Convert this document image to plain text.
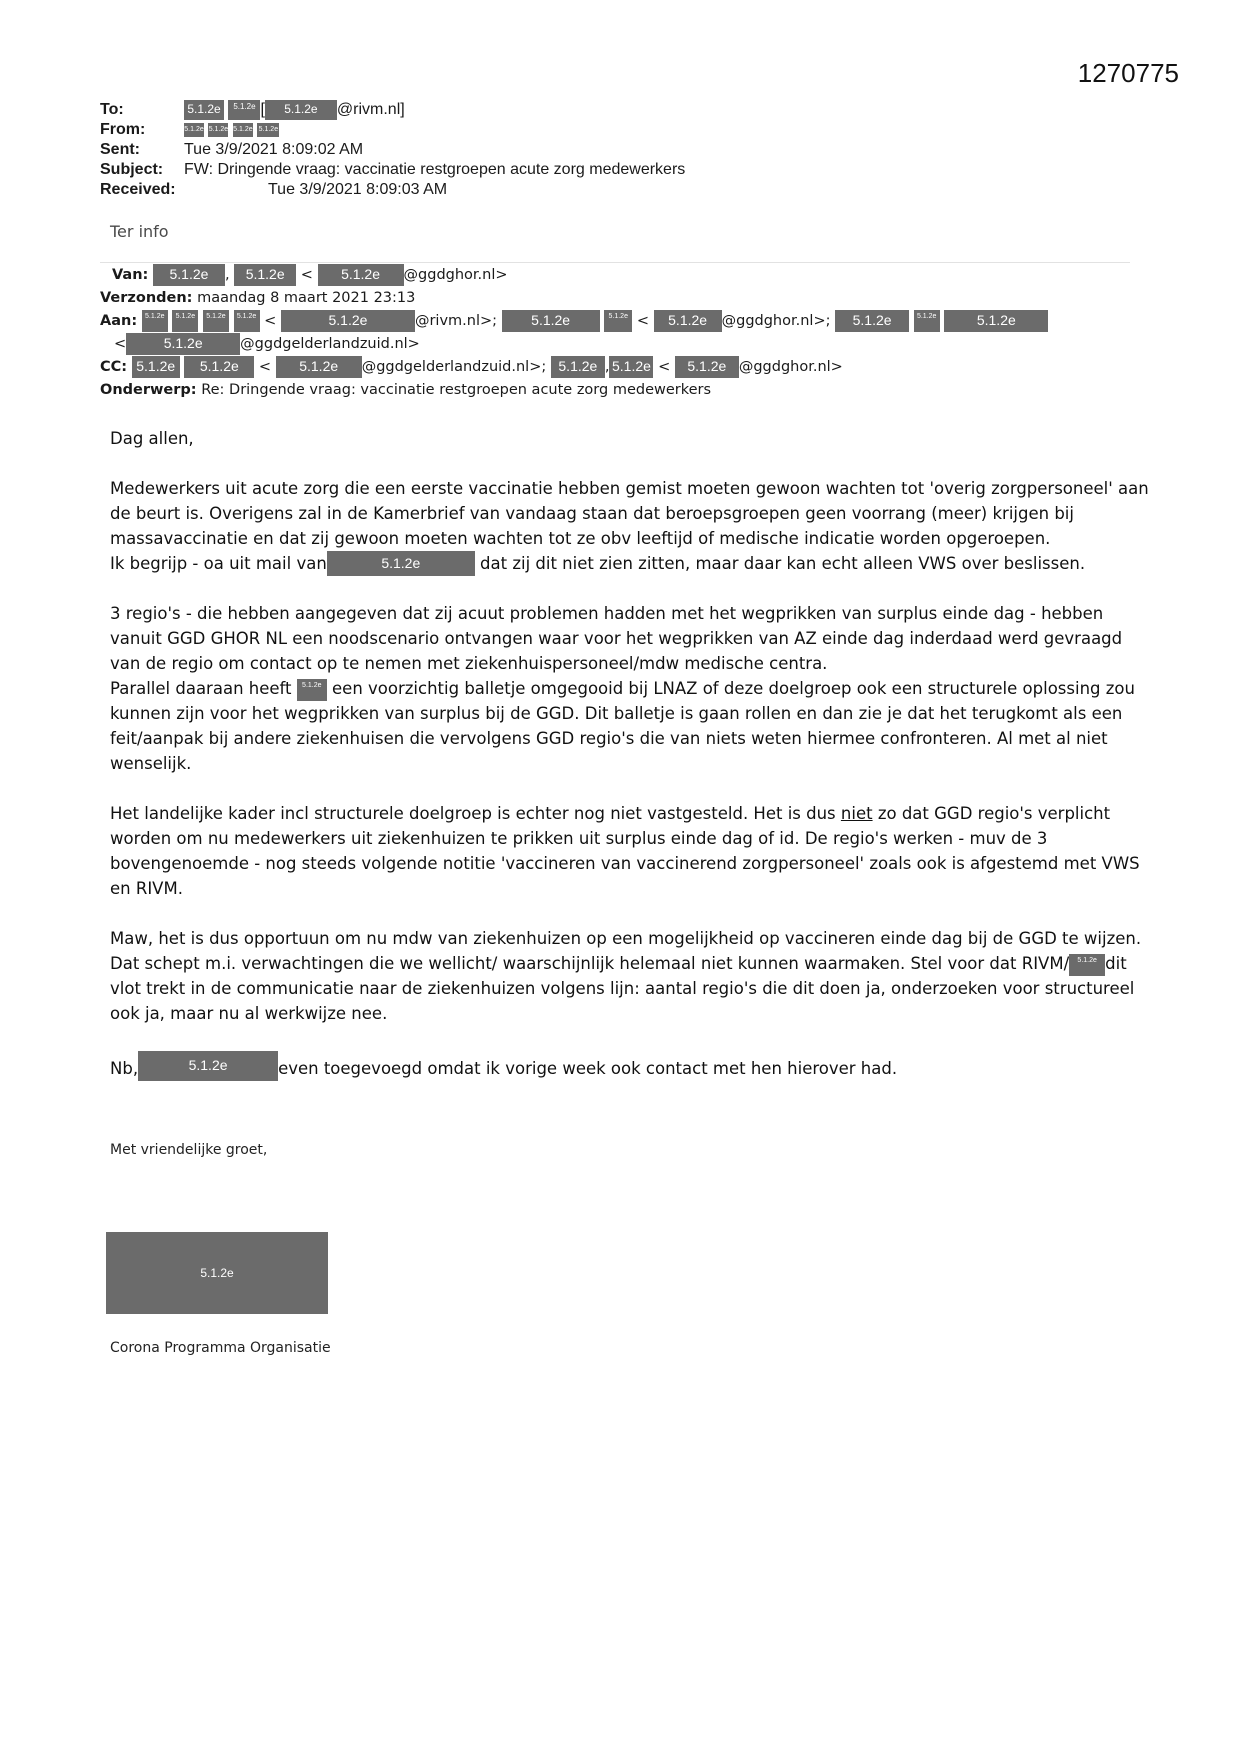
1270775
To:	5.1.2e 5.1.2e [ 5.1.2e @rivm.nl]
From:	5.1.2e 5.1.2e 5.1.2e 5.1.2e
Sent:	Tue 3/9/2021 8:09:02 AM
Subject: FW: Dringende vraag: vaccinatie restgroepen acute zorg medewerkers
Received:	Tue 3/9/2021 8:09:03 AM
Ter info
Van: 5.1.2e , 5.1.2e < 5.1.2e @ggdghor.nl>
Verzonden: maandag 8 maart 2021 23:13
Aan: 5.1.2e 5.1.2e 5.1.2e 5.1.2e <	5.1.2e	@rivm.nl>; 5.1.2e	5.1.2e < 5.1.2e @ggdghor.nl>; 5.1.2e	5.1.2e	5.1.2e
<	5.1.2e	@ggdgelderlandzuid.nl>
CC: 5.1.2e 5.1.2e < 5.1.2e @ggdgelderlandzuid.nl>; 5.1.2e , 5.1.2e < 5.1.2e @ggdghor.nl>
Onderwerp: Re: Dringende vraag: vaccinatie restgroepen acute zorg medewerkers

Dag allen,

Medewerkers uit acute zorg die een eerste vaccinatie hebben gemist moeten gewoon wachten tot 'overig zorgpersoneel' aan de beurt is. Overigens zal in de Kamerbrief van vandaag staan dat beroepsgroepen geen voorrang (meer) krijgen bij massavaccinatie en dat zij gewoon moeten wachten tot ze obv leeftijd of medische indicatie worden opgeroepen.

Ik begrijp - oa uit mail van	5.1.2e	dat zij dit niet zien zitten, maar daar kan echt alleen VWS over beslissen.

3 regio's - die hebben aangegeven dat zij acuut problemen hadden met het wegprikken van surplus einde dag - hebben vanuit GGD GHOR NL een noodscenario ontvangen waar voor het wegprikken van AZ einde dag inderdaad werd gevraagd van de regio om contact op te nemen met ziekenhuispersoneel/mdw medische centra.

Parallel daaraan heeft 5.1.2e een voorzichtig balletje omgegooid bij LNAZ of deze doelgroep ook een structurele oplossing zou kunnen zijn voor het wegprikken van surplus bij de GGD. Dit balletje is gaan rollen en dan zie je dat het terugkomt als een feit/aanpak bij andere ziekenhuisen die vervolgens GGD regio's die van niets weten hiermee confronteren. Al met al niet wenselijk.

Het landelijke kader incl structurele doelgroep is echter nog niet vastgesteld. Het is dus niet zo dat GGD regio's verplicht worden om nu medewerkers uit ziekenhuizen te prikken uit surplus einde dag of id. De regio's werken - muv de 3 bovengenoemde - nog steeds volgende notitie 'vaccineren van vaccinerend zorgpersoneel' zoals ook is afgestemd met VWS en RIVM.

Maw, het is dus opportuun om nu mdw van ziekenhuizen op een mogelijkheid op vaccineren einde dag bij de GGD te wijzen. Dat schept m.i. verwachtingen die we wellicht/ waarschijnlijk helemaal niet kunnen waarmaken. Stel voor dat RIVM/ 5.1.2e dit vlot trekt in de communicatie naar de ziekenhuizen volgens lijn: aantal regio's die dit doen ja, onderzoeken voor structureel ook ja, maar nu al werkwijze nee.

Nb,	5.1.2e	even toegevoegd omdat ik vorige week ook contact met hen hierover had.

Met vriendelijke groet,
5.1.2e
Corona Programma Organisatie
